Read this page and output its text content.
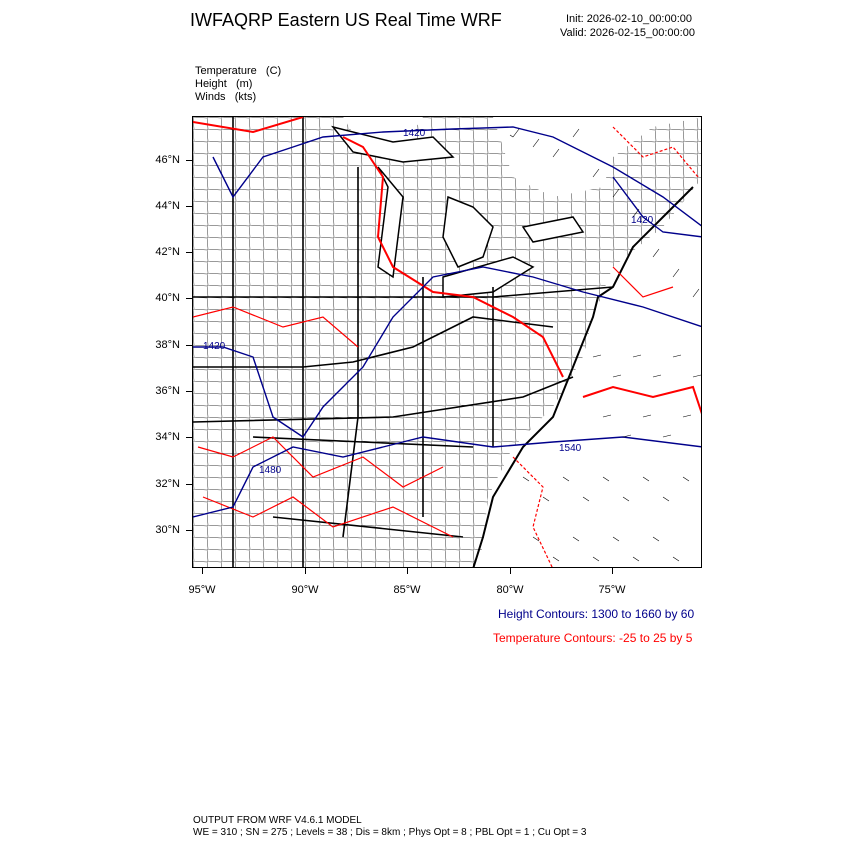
IWFAQRP Eastern US Real Time WRF	Init: 2026-02-10_00:00:00
Valid: 2026-02-15_00:00:00
Temperature   (C)
Height   (m)
Winds   (kts)
46°N
44°N
42°N
40°N
38°N
36°N
34°N
32°N
30°N
95°W	90°W	85°W	80°W	75°W
1420
1420
1480
1420
1540
Height Contours: 1300 to 1660 by 60
Temperature Contours: -25 to 25 by 5
OUTPUT FROM WRF V4.6.1 MODEL
WE = 310 ; SN = 275 ; Levels = 38 ; Dis = 8km ; Phys Opt = 8 ; PBL Opt = 1 ; Cu Opt = 3
